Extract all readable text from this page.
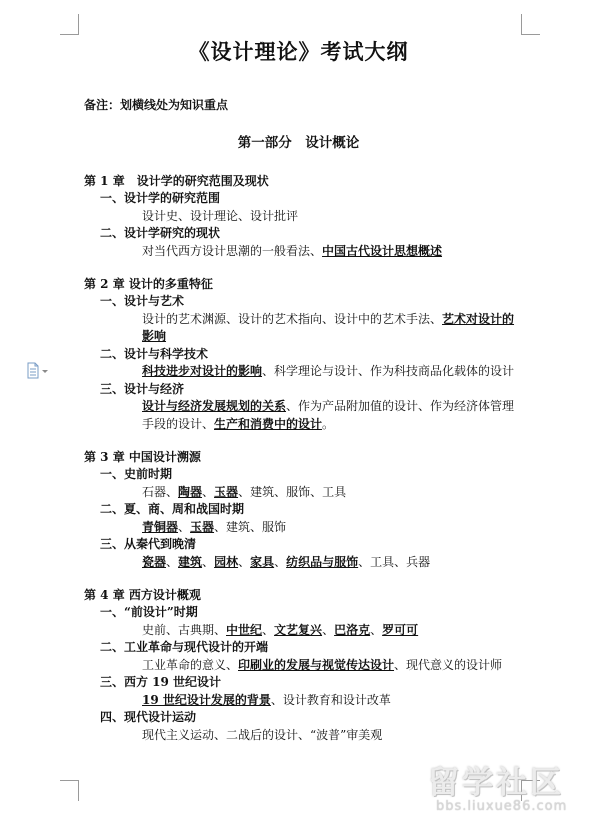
《设计理论》考试大纲
备注：划横线处为知识重点
第一部分　设计概论
第 1 章　设计学的研究范围及现状
一、设计学的研究范围
设计史、设计理论、设计批评
二、设计学研究的现状
对当代西方设计思潮的一般看法、中国古代设计思想概述
第 2 章 设计的多重特征
一、设计与艺术
设计的艺术渊源、设计的艺术指向、设计中的艺术手法、艺术对设计的影响
二、设计与科学技术
科技进步对设计的影响、科学理论与设计、作为科技商品化载体的设计
三、设计与经济
设计与经济发展规划的关系、作为产品附加值的设计、作为经济体管理手段的设计、生产和消费中的设计。
第 3 章 中国设计溯源
一、史前时期
石器、陶器、玉器、建筑、服饰、工具
二、夏、商、周和战国时期
青铜器、玉器、建筑、服饰
三、从秦代到晚清
瓷器、建筑、园林、家具、纺织品与服饰、工具、兵器
第 4 章 西方设计概观
一、“前设计”时期
史前、古典期、中世纪、文艺复兴、巴洛克、罗可可
二、工业革命与现代设计的开端
工业革命的意义、印刷业的发展与视觉传达设计、现代意义的设计师
三、西方 19 世纪设计
19 世纪设计发展的背景、设计教育和设计改革
四、现代设计运动
现代主义运动、二战后的设计、“波普”审美观
留学社区
bbs.liuxue86.com
